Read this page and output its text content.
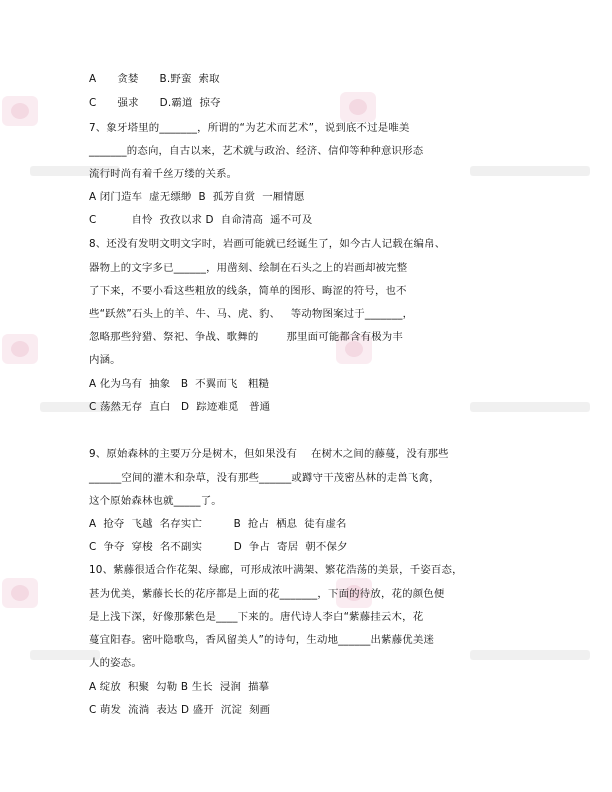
A      贪婪      B.野蛮  索取
C      强求      D.霸道  掠夺
7、象牙塔里的_______，所谓的“为艺术而艺术”，说到底不过是唯美
_______的态向，自古以来，艺术就与政治、经济、信仰等种种意识形态
流行时尚有着千丝万缕的关系。
A 闭门造车  虚无缥缈  B  孤芳自赏  一厢情愿
C          自怜  孜孜以求 D  自命清高  遥不可及
8、还没有发明文明文字时，岩画可能就已经诞生了，如今古人记载在编帛、
器物上的文字多已______，用凿刻、绘制在石头之上的岩画却被完整
了下来，不要小看这些粗放的线条，简单的图形、晦涩的符号，也不
些“跃然”石头上的羊、牛、马、虎、豹、   等动物图案过于_______，
忽略那些狩猎、祭祀、争战、歌舞的        那里面可能都含有极为丰
内涵。
A 化为乌有  抽象   B  不翼而飞   粗糙
C 荡然无存  直白   D  踪迹难觅   普通
9、原始森林的主要万分是树木，但如果没有    在树木之间的藤蔓，没有那些
______空间的灌木和杂草，没有那些______或蹲守干茂密丛林的走兽飞禽，
这个原始森林也就_____了。
A  抢夺  飞越  名存实亡         B  抢占  栖息  徒有虚名
C  争夺  穿梭  名不副实         D  争占  寄居  朝不保夕
10、紫藤很适合作花架、绿廊，可形成浓叶满架、繁花浩荡的美景，千姿百态，
甚为优美，紫藤长长的花序都是上面的花_______，下面的待放，花的颜色便
是上浅下深，好像那紫色是____下来的。唐代诗人李白“紫藤挂云木，花
蔓宜阳春。密叶隐歌鸟，香风留美人”的诗句，生动地______出紫藤优美迷
人的姿态。
A 绽放  积聚  勾勒 B 生长  浸润  描摹
C 萌发  流淌  表达 D 盛开  沉淀  刻画
